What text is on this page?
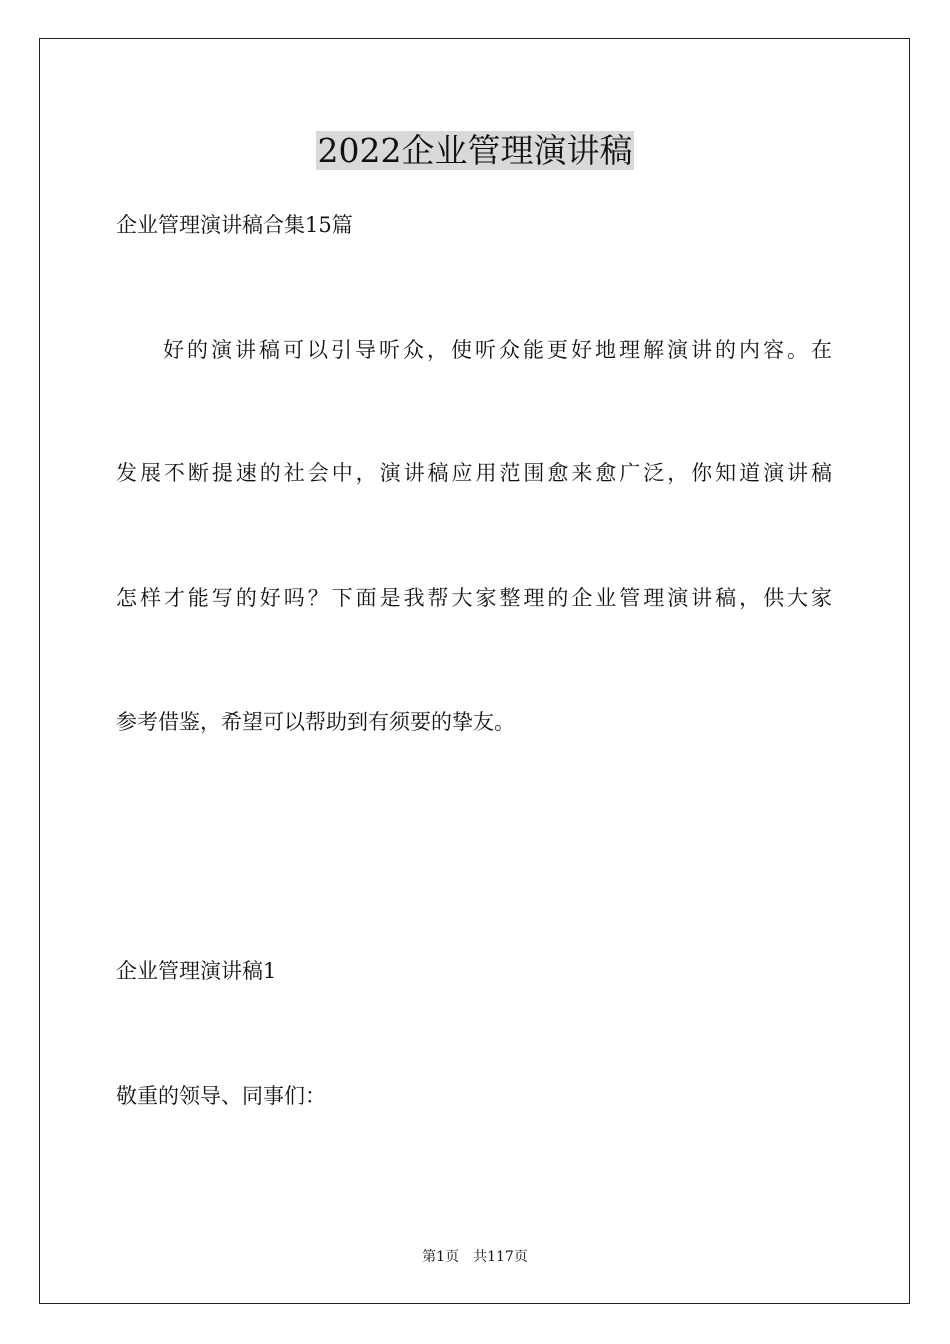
2022企业管理演讲稿
企业管理演讲稿合集15篇
好的演讲稿可以引导听众，使听众能更好地理解演讲的内容。在
发展不断提速的社会中，演讲稿应用范围愈来愈广泛，你知道演讲稿
怎样才能写的好吗？下面是我帮大家整理的企业管理演讲稿，供大家
参考借鉴，希望可以帮助到有须要的挚友。
企业管理演讲稿1
敬重的领导、同事们：
第1页 共117页
